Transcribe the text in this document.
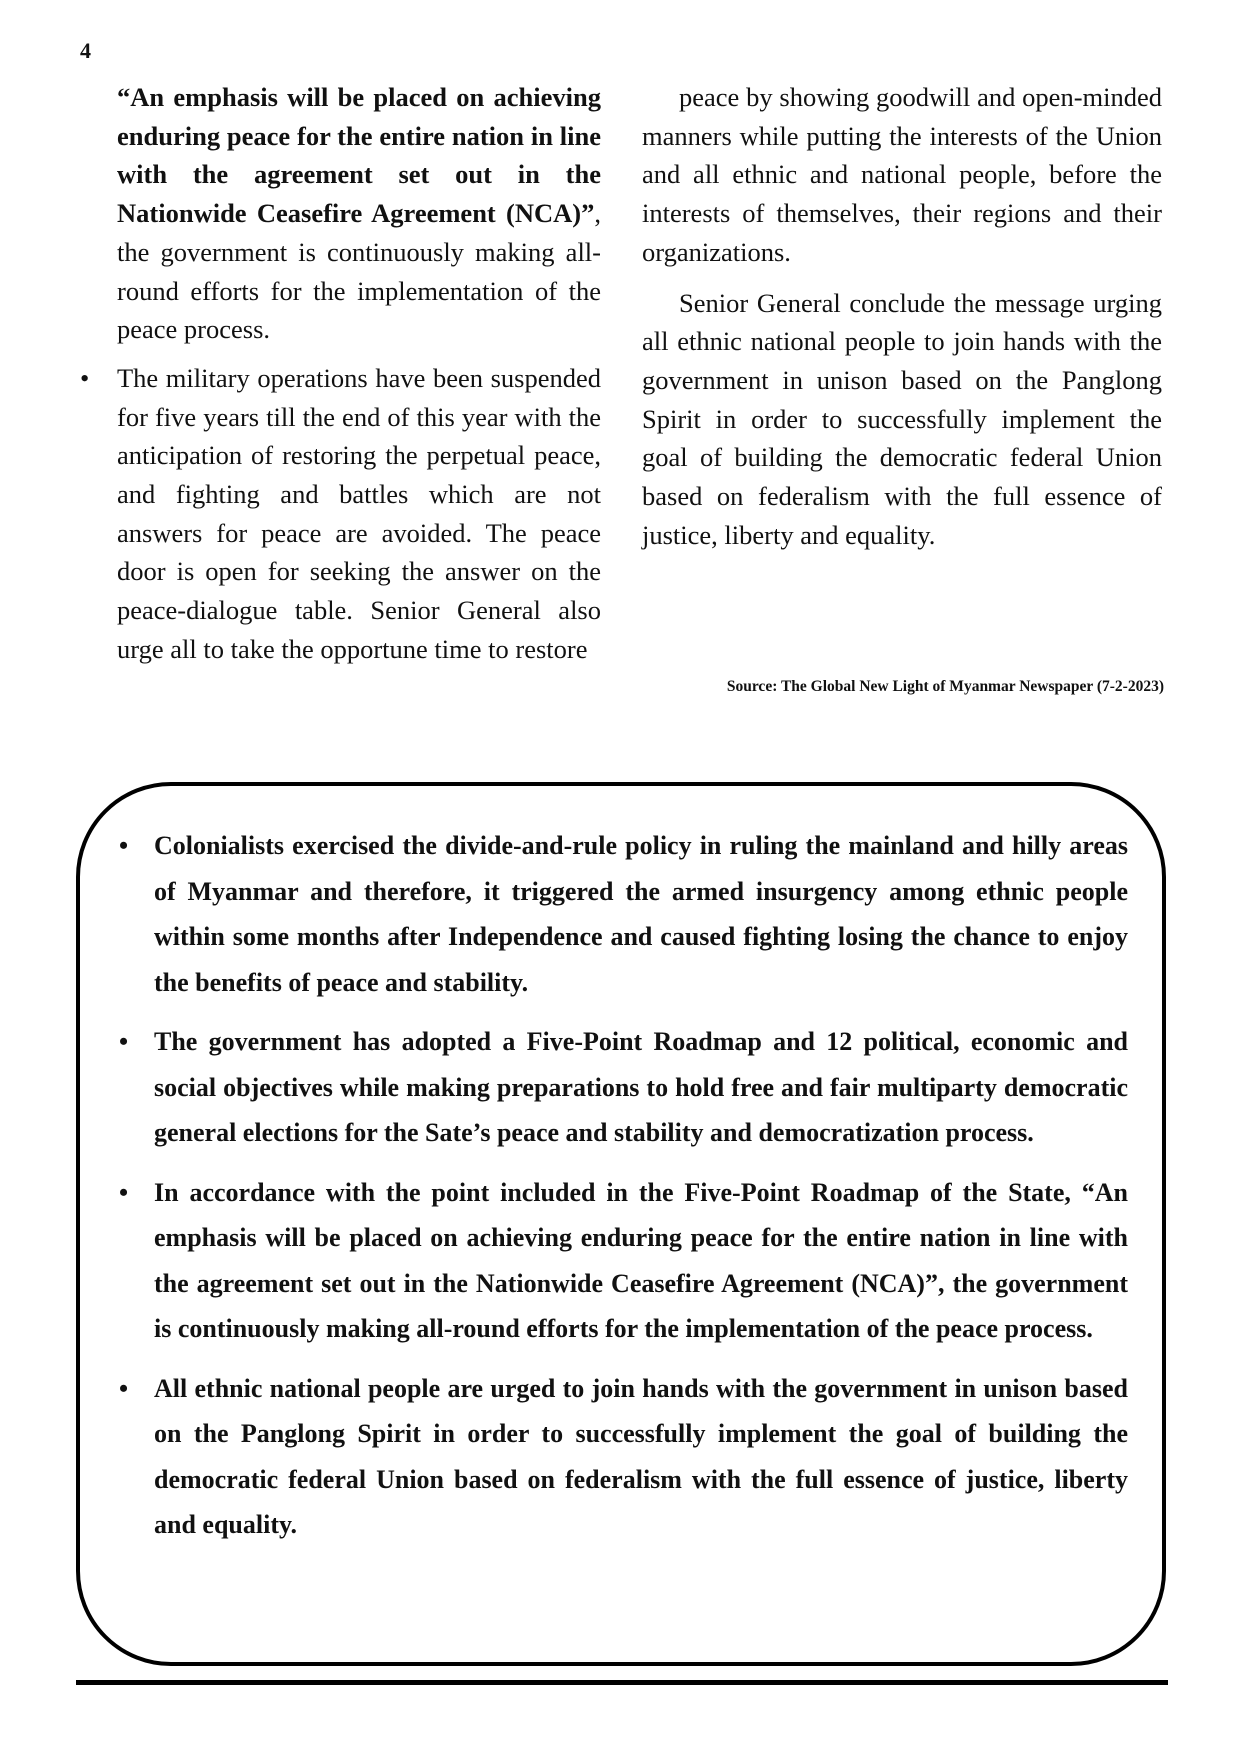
4

“An emphasis will be placed on achieving enduring peace for the entire nation in line with the agreement set out in the Nationwide Ceasefire Agreement (NCA)”, the government is continuously making all-round efforts for the implementation of the peace process.

• The military operations have been suspended for five years till the end of this year with the anticipation of restoring the perpetual peace, and fighting and battles which are not answers for peace are avoided. The peace door is open for seeking the answer on the peace-dialogue table. Senior General also urge all to take the opportune time to restore

peace by showing goodwill and open-minded manners while putting the interests of the Union and all ethnic and national people, before the interests of themselves, their regions and their organizations.

Senior General conclude the message urging all ethnic national people to join hands with the government in unison based on the Panglong Spirit in order to successfully implement the goal of building the democratic federal Union based on federalism with the full essence of justice, liberty and equality.

Source: The Global New Light of Myanmar Newspaper (7-2-2023)

• Colonialists exercised the divide-and-rule policy in ruling the mainland and hilly areas of Myanmar and therefore, it triggered the armed insurgency among ethnic people within some months after Independence and caused fighting losing the chance to enjoy the benefits of peace and stability.

• The government has adopted a Five-Point Roadmap and 12 political, economic and social objectives while making preparations to hold free and fair multiparty democratic general elections for the Sate’s peace and stability and democratization process.

• In accordance with the point included in the Five-Point Roadmap of the State, “An emphasis will be placed on achieving enduring peace for the entire nation in line with the agreement set out in the Nationwide Ceasefire Agreement (NCA)”, the government is continuously making all-round efforts for the implementation of the peace process.

• All ethnic national people are urged to join hands with the government in unison based on the Panglong Spirit in order to successfully implement the goal of building the democratic federal Union based on federalism with the full essence of justice, liberty and equality.
